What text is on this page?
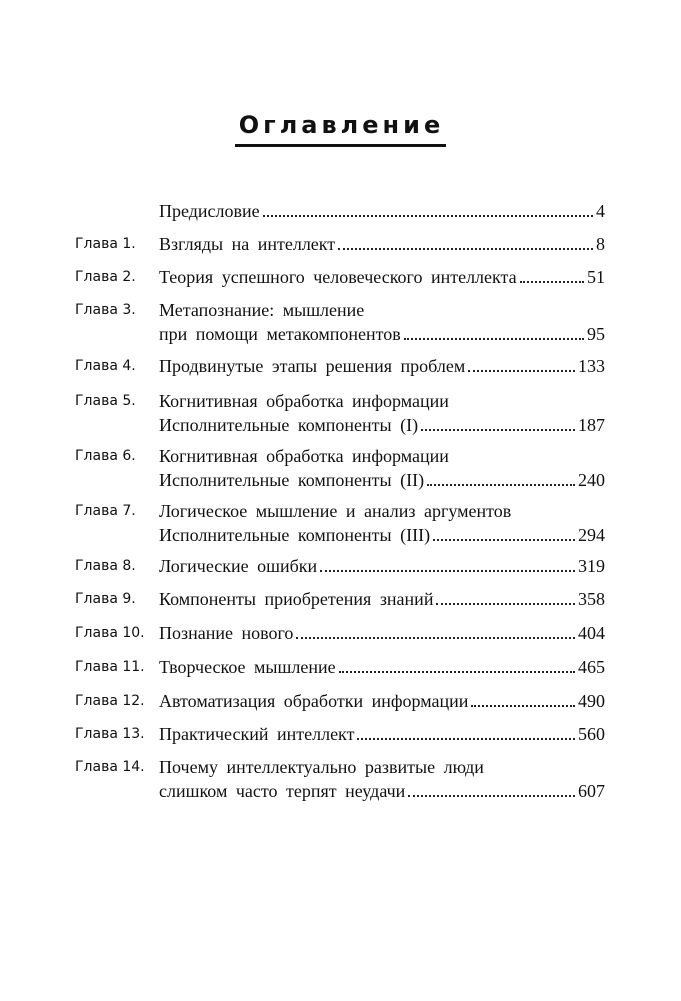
Оглавление
Предисловие	4
Глава 1.	Взгляды на интеллект	8
Глава 2.	Теория успешного человеческого интеллекта	51
Глава 3.	Метапознание: мышление
при помощи метакомпонентов	95
Глава 4.	Продвинутые этапы решения проблем	133
Глава 5.	Когнитивная обработка информации
Исполнительные компоненты (I)	187
Глава 6.	Когнитивная обработка информации
Исполнительные компоненты (II)	240
Глава 7.	Логическое мышление и анализ аргументов
Исполнительные компоненты (III)	294
Глава 8.	Логические ошибки	319
Глава 9.	Компоненты приобретения знаний	358
Глава 10. Познание нового	404
Глава 11. Творческое мышление	465
Глава 12. Автоматизация обработки информации	490
Глава 13. Практический интеллект	560
Глава 14. Почему интеллектуально развитые люди
слишком часто терпят неудачи	607
